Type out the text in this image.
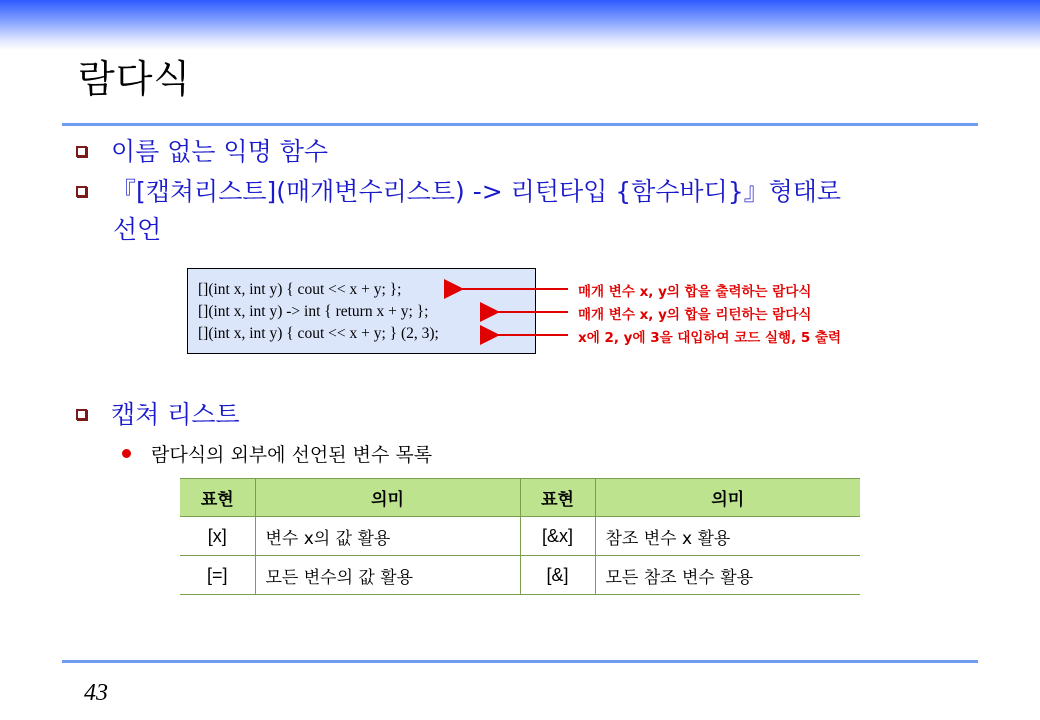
람다식
이름 없는 익명 함수
『[캡쳐리스트](매개변수리스트) -> 리턴타입 {함수바디}』형태로
선언
[](int x, int y) { cout << x + y; };
[](int x, int y) -> int { return x + y; };
[](int x, int y) { cout << x + y; } (2, 3);
매개 변수 x, y의 합을 출력하는 람다식
매개 변수 x, y의 합을 리턴하는 람다식
x에 2, y에 3을 대입하여 코드 실행, 5 출력
캡쳐 리스트
람다식의 외부에 선언된 변수 목록
표현	의미	표현	의미
[x]	변수 x의 값 활용	[&x]	참조 변수 x 활용
[=]	모든 변수의 값 활용	[&]	모든 참조 변수 활용
43
